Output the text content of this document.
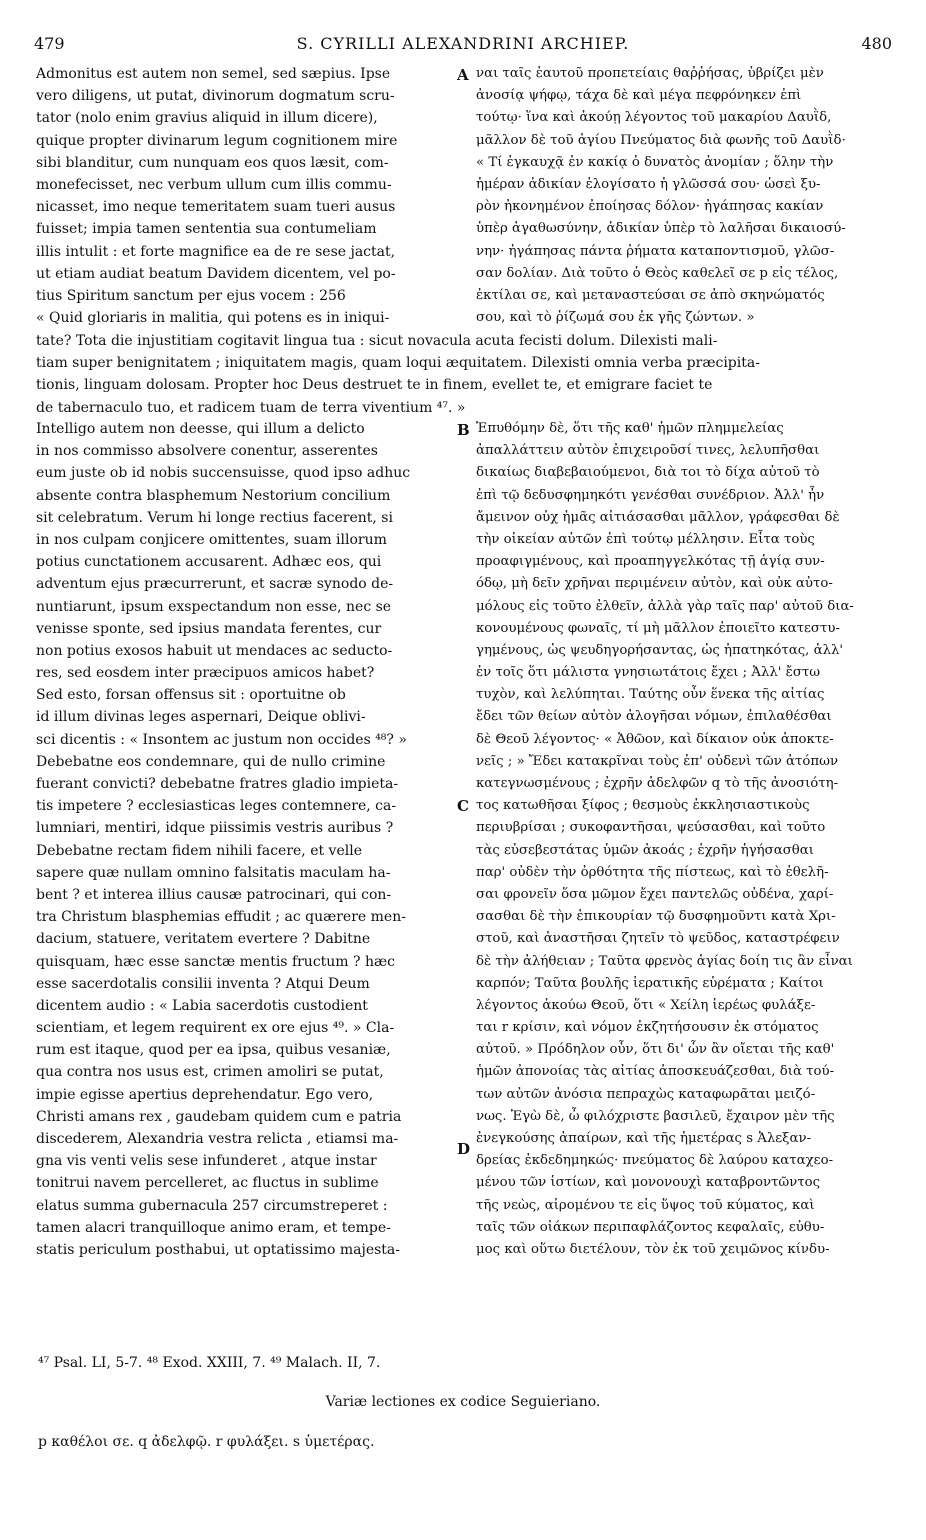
479	S. CYRILLI ALEXANDRINI ARCHIEP.	480
Admonitus est autem non semel, sed sæpius. Ipse
vero diligens, ut putat, divinorum dogmatum scru-
tator (nolo enim gravius aliquid in illum dicere),
quique propter divinarum legum cognitionem mire
sibi blanditur, cum nunquam eos quos læsit, com-
monefecisset, nec verbum ullum cum illis commu-
nicasset, imo neque temeritatem suam tueri ausus
fuisset; impia tamen sententia sua contumeliam
illis intulit : et forte magnifice ea de re sese jactat,
ut etiam audiat beatum Davidem dicentem, vel po-
tius Spiritum sanctum per ejus vocem : 256
« Quid gloriaris in malitia, qui potens es in iniqui-
ναι ταῖς ἑαυτοῦ προπετείαις θαῤῥήσας, ὑβρίζει μὲν
ἀνοσίᾳ ψήφῳ, τάχα δὲ καὶ μέγα πεφρόνηκεν ἐπὶ
τούτῳ· ἵνα καὶ ἀκούῃ λέγοντος τοῦ μακαρίου Δαυῒδ,
μᾶλλον δὲ τοῦ ἁγίου Πνεύματος διὰ φωνῆς τοῦ Δαυῒδ·
« Τί ἐγκαυχᾷ ἐν κακίᾳ ὁ δυνατὸς ἀνομίαν ; ὅλην τὴν
ἡμέραν ἀδικίαν ἐλογίσατο ἡ γλῶσσά σου· ὡσεὶ ξυ-
ρὸν ἠκονημένον ἐποίησας δόλον· ἠγάπησας κακίαν
ὑπὲρ ἀγαθωσύνην, ἀδικίαν ὑπὲρ τὸ λαλῆσαι δικαιοσύ-
νην· ἠγάπησας πάντα ῥήματα καταποντισμοῦ, γλῶσ-
σαν δολίαν. Διὰ τοῦτο ὁ Θεὸς καθελεῖ σε p εἰς τέλος,
ἐκτίλαι σε, καὶ μεταναστεύσαι σε ἀπὸ σκηνώματός
σου, καὶ τὸ ῥίζωμά σου ἐκ γῆς ζώντων. »
A
tate? Tota die injustitiam cogitavit lingua tua : sicut novacula acuta fecisti dolum. Dilexisti mali-
tiam super benignitatem ; iniquitatem magis, quam loqui æquitatem. Dilexisti omnia verba præcipita-
tionis, linguam dolosam. Propter hoc Deus destruet te in finem, evellet te, et emigrare faciet te
de tabernaculo tuo, et radicem tuam de terra viventium ⁴⁷. »
Intelligo autem non deesse, qui illum a delicto
in nos commisso absolvere conentur, asserentes
eum juste ob id nobis succensuisse, quod ipso adhuc
absente contra blasphemum Nestorium concilium
sit celebratum. Verum hi longe rectius facerent, si
in nos culpam conjicere omittentes, suam illorum
potius cunctationem accusarent. Adhæc eos, qui
adventum ejus præcurrerunt, et sacræ synodo de-
nuntiarunt, ipsum exspectandum non esse, nec se
venisse sponte, sed ipsius mandata ferentes, cur
non potius exosos habuit ut mendaces ac seducto-
res, sed eosdem inter præcipuos amicos habet?
Sed esto, forsan offensus sit : oportuitne ob
id illum divinas leges aspernari, Deique oblivi-
sci dicentis : « Insontem ac justum non occides ⁴⁸? »
Debebatne eos condemnare, qui de nullo crimine
fuerant convicti? debebatne fratres gladio impieta-
tis impetere ? ecclesiasticas leges contemnere, ca-
lumniari, mentiri, idque piissimis vestris auribus ?
Debebatne rectam fidem nihili facere, et velle
sapere quæ nullam omnino falsitatis maculam ha-
bent ? et interea illius causæ patrocinari, qui con-
tra Christum blasphemias effudit ; ac quærere men-
dacium, statuere, veritatem evertere ? Dabitne
quisquam, hæc esse sanctæ mentis fructum ? hæc
esse sacerdotalis consilii inventa ? Atqui Deum
dicentem audio : « Labia sacerdotis custodient
scientiam, et legem requirent ex ore ejus ⁴⁹. » Cla-
rum est itaque, quod per ea ipsa, quibus vesaniæ,
qua contra nos usus est, crimen amoliri se putat,
impie egisse apertius deprehendatur. Ego vero,
Christi amans rex , gaudebam quidem cum e patria
discederem, Alexandria vestra relicta , etiamsi ma-
gna vis venti velis sese infunderet , atque instar
tonitrui navem percelleret, ac fluctus in sublime
elatus summa gubernacula 257 circumstreperet :
tamen alacri tranquilloque animo eram, et tempe-
statis periculum posthabui, ut optatissimo majesta-
Ἐπυθόμην δὲ, ὅτι τῆς καθ' ἡμῶν πλημμελείας
ἀπαλλάττειν αὐτὸν ἐπιχειροῦσί τινες, λελυπῆσθαι
δικαίως διαβεβαιούμενοι, διὰ τοι τὸ δίχα αὐτοῦ τὸ
ἐπὶ τῷ δεδυσφημηκότι γενέσθαι συνέδριον. Ἀλλ' ἦν
ἄμεινον οὐχ ἡμᾶς αἰτιάσασθαι μᾶλλον, γράφεσθαι δὲ
τὴν οἰκείαν αὐτῶν ἐπὶ τούτῳ μέλλησιν. Εἶτα τοὺς
προαφιγμένους, καὶ προαπηγγελκότας τῇ ἁγίᾳ συν-
όδῳ, μὴ δεῖν χρῆναι περιμένειν αὐτὸν, καὶ οὐκ αὐτο-
μόλους εἰς τοῦτο ἐλθεῖν, ἀλλὰ γὰρ ταῖς παρ' αὐτοῦ δια-
κονουμένους φωναῖς, τί μὴ μᾶλλον ἐποιεῖτο κατεστυ-
γημένους, ὡς ψευδηγορήσαντας, ὡς ἠπατηκότας, ἀλλ'
ἐν τοῖς ὅτι μάλιστα γνησιωτάτοις ἔχει ; Ἀλλ' ἔστω
τυχὸν, καὶ λελύπηται. Ταύτης οὖν ἕνεκα τῆς αἰτίας
ἔδει τῶν θείων αὐτὸν ἀλογῆσαι νόμων, ἐπιλαθέσθαι
δὲ Θεοῦ λέγοντος· « Ἀθῶον, καὶ δίκαιον οὐκ ἀποκτε-
νεῖς ; » Ἔδει κατακρῖναι τοὺς ἐπ' οὐδενὶ τῶν ἀτόπων
κατεγνωσμένους ; ἐχρῆν ἀδελφῶν q τὸ τῆς ἀνοσιότη-
τος κατωθῆσαι ξίφος ; θεσμοὺς ἐκκλησιαστικοὺς
περιυβρίσαι ; συκοφαντῆσαι, ψεύσασθαι, καὶ τοῦτο
τὰς εὐσεβεστάτας ὑμῶν ἀκοάς ; ἐχρῆν ἡγήσασθαι
παρ' οὐδὲν τὴν ὀρθότητα τῆς πίστεως, καὶ τὸ ἐθελῆ-
σαι φρονεῖν ὅσα μῶμον ἔχει παντελῶς οὐδένα, χαρί-
σασθαι δὲ τὴν ἐπικουρίαν τῷ δυσφημοῦντι κατὰ Χρι-
στοῦ, καὶ ἀναστῆσαι ζητεῖν τὸ ψεῦδος, καταστρέφειν
δὲ τὴν ἀλήθειαν ; Ταῦτα φρενὸς ἁγίας δοίη τις ἂν εἶναι
καρπόν; Ταῦτα βουλῆς ἱερατικῆς εὑρέματα ; Καίτοι
λέγοντος ἀκούω Θεοῦ, ὅτι « Χείλη ἱερέως φυλάξε-
ται r κρίσιν, καὶ νόμον ἐκζητήσουσιν ἐκ στόματος
αὐτοῦ. » Πρόδηλον οὖν, ὅτι δι' ὧν ἂν οἴεται τῆς καθ'
ἡμῶν ἀπονοίας τὰς αἰτίας ἀποσκευάζεσθαι, διὰ τού-
των αὐτῶν ἀνόσια πεπραχὼς καταφωρᾶται μειζό-
νως. Ἐγὼ δὲ, ὦ φιλόχριστε βασιλεῦ, ἔχαιρον μὲν τῆς
ἐνεγκούσης ἀπαίρων, καὶ τῆς ἡμετέρας s Ἀλεξαν-
δρείας ἐκδεδημηκώς· πνεύματος δὲ λαύρου καταχεο-
μένου τῶν ἱστίων, καὶ μονονουχὶ καταβροντῶντος
τῆς νεὼς, αἰρομένου τε εἰς ὕψος τοῦ κύματος, καὶ
ταῖς τῶν οἰάκων περιπαφλάζοντος κεφαλαῖς, εὐθυ-
μος καὶ οὕτω διετέλουν, τὸν ἐκ τοῦ χειμῶνος κίνδυ-
B
C
D
⁴⁷ Psal. LI, 5-7. ⁴⁸ Exod. XXIII, 7. ⁴⁹ Malach. II, 7.
Variæ lectiones ex codice Seguieriano.
p καθέλοι σε. q ἀδελφῷ. r φυλάξει. s ὑμετέρας.
